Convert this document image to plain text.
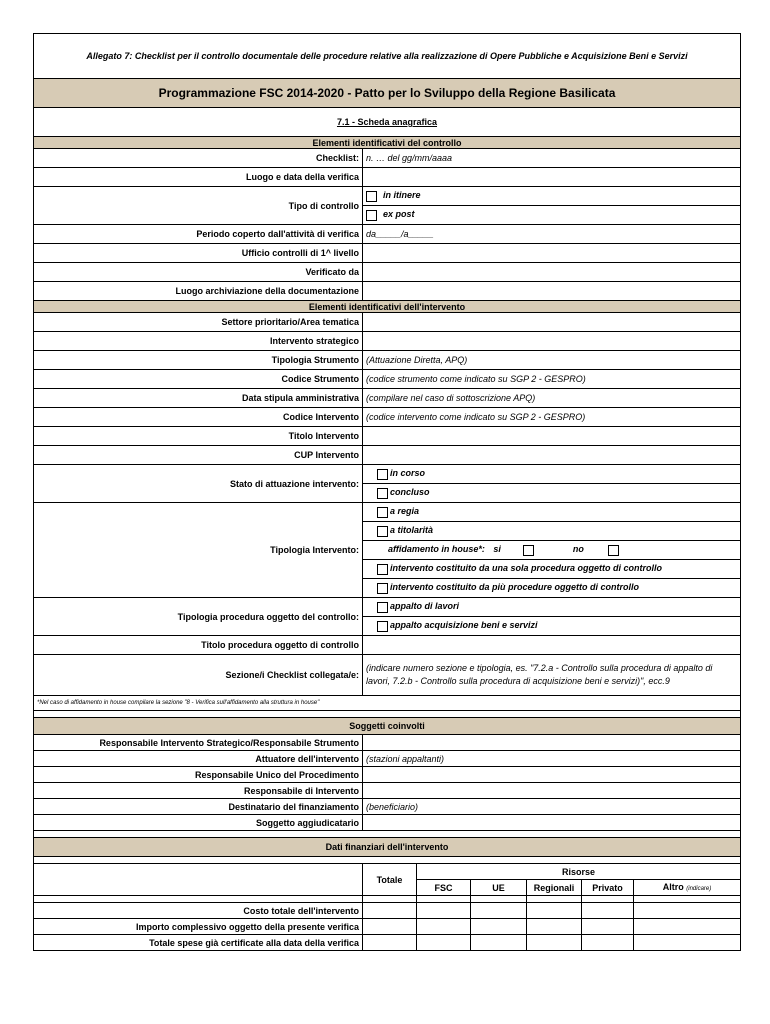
Allegato 7: Checklist per il controllo documentale delle procedure relative alla realizzazione di Opere Pubbliche e Acquisizione Beni e Servizi						
Programmazione FSC 2014-2020 - Patto per lo Sviluppo della Regione Basilicata						
7.1 - Scheda anagrafica						
Elementi identificativi del controllo						
Checklist:	n. … del gg/mm/aaaa					
Luogo e data della verifica						
Tipo di controllo	in itinere					
	ex post					
Periodo coperto dall'attività di verifica	da_____/a_____					
Ufficio controlli di 1^ livello						
Verificato da						
Luogo archiviazione della documentazione						
Elementi identificativi dell'intervento						
Settore prioritario/Area tematica						
Intervento strategico						
Tipologia Strumento	(Attuazione Diretta, APQ)					
Codice Strumento	(codice strumento come indicato su SGP 2 - GESPRO)					
Data stipula amministrativa	(compilare nel caso di sottoscrizione APQ)					
Codice Intervento	(codice intervento come indicato su SGP 2 - GESPRO)					
Titolo Intervento						
CUP Intervento						
Stato di attuazione intervento:	in corso					
	concluso					
Tipologia Intervento:	a regia					
	a titolarità					
	affidamento in house*: si no					
	intervento costituito da una sola procedura oggetto di controllo					
	intervento costituito da più procedure oggetto di controllo					
Tipologia procedura oggetto del controllo:	appalto di lavori					
	appalto acquisizione beni e servizi					
Titolo procedura oggetto di controllo						
Sezione/i Checklist collegata/e:	(indicare numero sezione e tipologia, es. "7.2.a - Controllo sulla procedura di appalto di lavori, 7.2.b - Controllo sulla procedura di acquisizione beni e servizi)", ecc.9					
*Nel caso di affidamento in house compilare la sezione "8 - Verifica sull'affidamento alla struttura in house"						

Soggetti coinvolti						
Responsabile Intervento Strategico/Responsabile Strumento						
Attuatore dell'intervento	(stazioni appaltanti)					
Responsabile Unico del Procedimento						
Responsabile di Intervento						
Destinatario del finanziamento	(beneficiario)					
Soggetto aggiudicatario						

Dati finanziari dell'intervento						

	Totale	Risorse				
		FSC	UE	Regionali	Privato	Altro (indicare)

Costo totale dell'intervento						
Importo complessivo oggetto della presente verifica						
Totale spese già certificate alla data della verifica						
